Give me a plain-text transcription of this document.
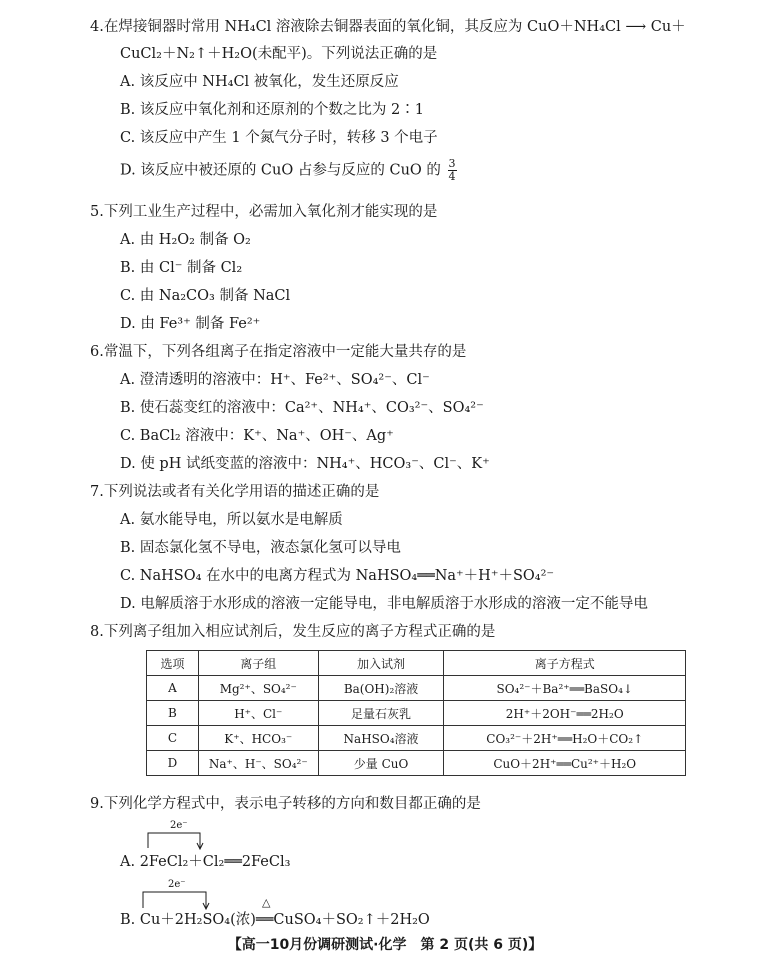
4.在焊接铜器时常用 NH₄Cl 溶液除去铜器表面的氧化铜，其反应为 CuO＋NH₄Cl ⟶ Cu＋
CuCl₂＋N₂↑＋H₂O(未配平)。下列说法正确的是
A. 该反应中 NH₄Cl 被氧化，发生还原反应
B. 该反应中氧化剂和还原剂的个数之比为 2∶1
C. 该反应中产生 1 个氮气分子时，转移 3 个电子
D. 该反应中被还原的 CuO 占参与反应的 CuO 的 $\frac{3}{4}$
5.下列工业生产过程中，必需加入氧化剂才能实现的是
A. 由 H₂O₂ 制备 O₂
B. 由 Cl⁻ 制备 Cl₂
C. 由 Na₂CO₃ 制备 NaCl
D. 由 Fe³⁺ 制备 Fe²⁺
6.常温下，下列各组离子在指定溶液中一定能大量共存的是
A. 澄清透明的溶液中：H⁺、Fe²⁺、SO₄²⁻、Cl⁻
B. 使石蕊变红的溶液中：Ca²⁺、NH₄⁺、CO₃²⁻、SO₄²⁻
C. BaCl₂ 溶液中：K⁺、Na⁺、OH⁻、Ag⁺
D. 使 pH 试纸变蓝的溶液中：NH₄⁺、HCO₃⁻、Cl⁻、K⁺
7.下列说法或者有关化学用语的描述正确的是
A. 氨水能导电，所以氨水是电解质
B. 固态氯化氢不导电，液态氯化氢可以导电
C. NaHSO₄ 在水中的电离方程式为 NaHSO₄══Na⁺＋H⁺＋SO₄²⁻
D. 电解质溶于水形成的溶液一定能导电，非电解质溶于水形成的溶液一定不能导电
8.下列离子组加入相应试剂后，发生反应的离子方程式正确的是
选项	离子组	加入试剂	离子方程式
A	Mg²⁺、SO₄²⁻	Ba(OH)₂溶液	SO₄²⁻＋Ba²⁺══BaSO₄↓
B	H⁺、Cl⁻	足量石灰乳	2H⁺＋2OH⁻══2H₂O
C	K⁺、HCO₃⁻	NaHSO₄溶液	CO₃²⁻＋2H⁺══H₂O＋CO₂↑
D	Na⁺、H⁻、SO₄²⁻	少量 CuO	CuO＋2H⁺══Cu²⁺＋H₂O
9.下列化学方程式中，表示电子转移的方向和数目都正确的是
2e⁻
A. 2FeCl₂＋Cl₂══2FeCl₃
2e⁻
△
B. Cu＋2H₂SO₄(浓)══CuSO₄＋SO₂↑＋2H₂O
【高一10月份调研测试·化学　第 2 页(共 6 页)】
